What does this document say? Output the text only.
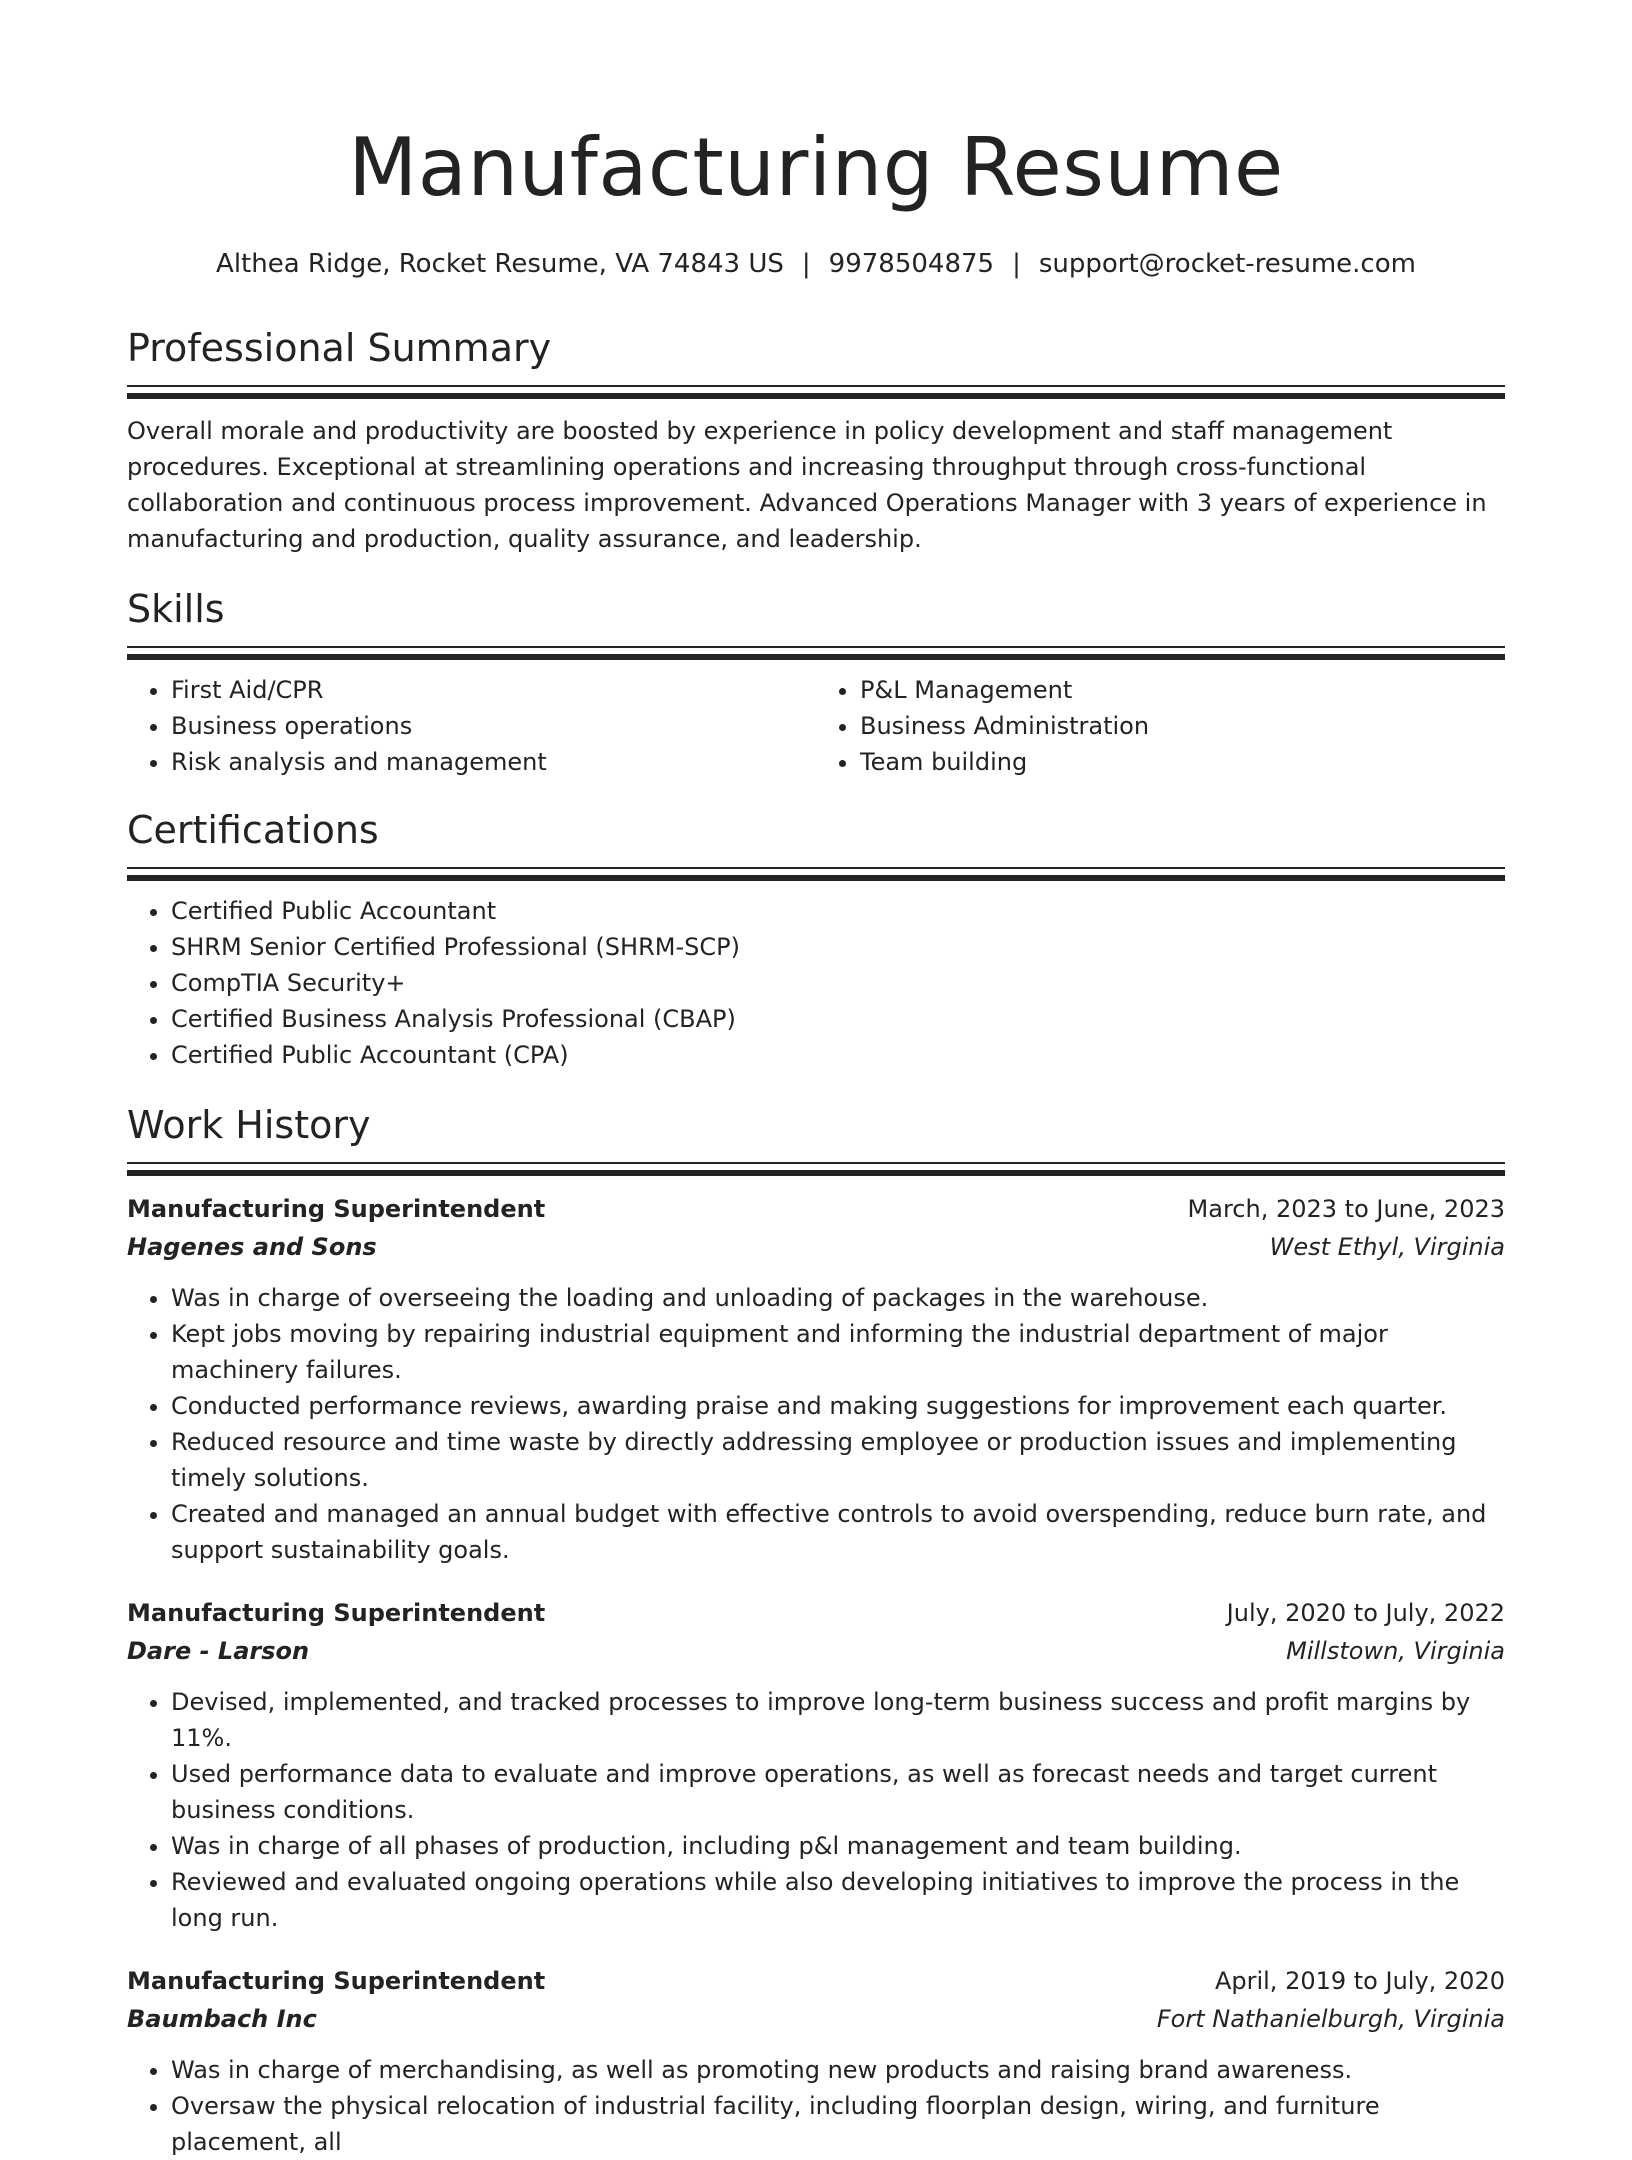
Manufacturing Resume
Althea Ridge, Rocket Resume, VA 74843 US | 9978504875 | support@rocket-resume.com
Professional Summary

Overall morale and productivity are boosted by experience in policy development and staff management procedures. Exceptional at streamlining operations and increasing throughput through cross-functional collaboration and continuous process improvement. Advanced Operations Manager with 3 years of experience in manufacturing and production, quality assurance, and leadership.

Skills
• First Aid/CPR
• Business operations
• Risk analysis and management
• P&L Management
• Business Administration
• Team building
Certifications
• Certified Public Accountant
• SHRM Senior Certified Professional (SHRM-SCP)
• CompTIA Security+
• Certified Business Analysis Professional (CBAP)
• Certified Public Accountant (CPA)
Work History
Manufacturing Superintendent	March, 2023 to June, 2023
Hagenes and Sons	West Ethyl, Virginia
• Was in charge of overseeing the loading and unloading of packages in the warehouse.
• Kept jobs moving by repairing industrial equipment and informing the industrial department of major machinery failures.
• Conducted performance reviews, awarding praise and making suggestions for improvement each quarter.
• Reduced resource and time waste by directly addressing employee or production issues and implementing timely solutions.
• Created and managed an annual budget with effective controls to avoid overspending, reduce burn rate, and support sustainability goals.
Manufacturing Superintendent	July, 2020 to July, 2022
Dare - Larson	Millstown, Virginia
• Devised, implemented, and tracked processes to improve long-term business success and profit margins by 11%.
• Used performance data to evaluate and improve operations, as well as forecast needs and target current business conditions.
• Was in charge of all phases of production, including p&l management and team building.
• Reviewed and evaluated ongoing operations while also developing initiatives to improve the process in the long run.
Manufacturing Superintendent	April, 2019 to July, 2020
Baumbach Inc	Fort Nathanielburgh, Virginia
• Was in charge of merchandising, as well as promoting new products and raising brand awareness.
• Oversaw the physical relocation of industrial facility, including floorplan design, wiring, and furniture placement, all
